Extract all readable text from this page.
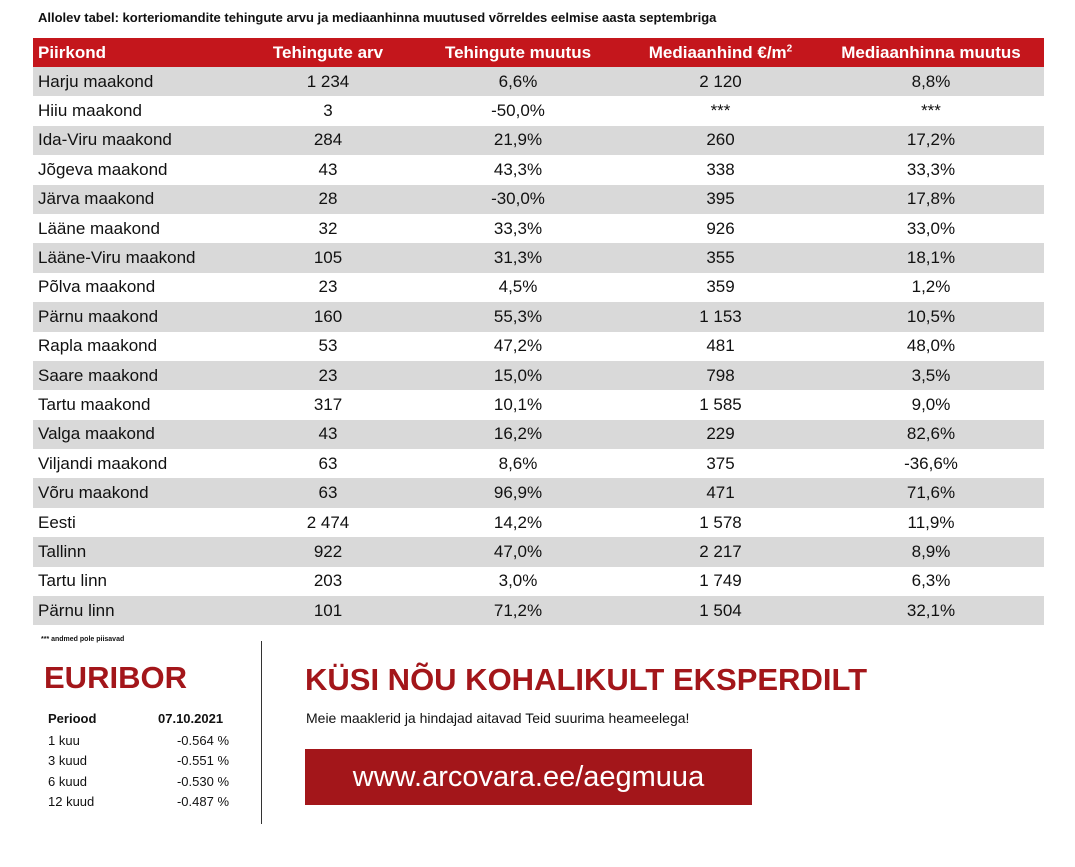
Allolev tabel: korteriomandite tehingute arvu ja mediaanhinna muutused võrreldes eelmise aasta septembriga
Piirkond	Tehingute arv	Tehingute muutus	Mediaanhind $€/m^2$	Mediaanhinna muutus
Harju maakond	1 234	6,6%	2 120	8,8%
Hiiu maakond	3	-50,0%	***	***
Ida-Viru maakond	284	21,9%	260	17,2%
Jõgeva maakond	43	43,3%	338	33,3%
Järva maakond	28	-30,0%	395	17,8%
Lääne maakond	32	33,3%	926	33,0%
Lääne-Viru maakond	105	31,3%	355	18,1%
Põlva maakond	23	4,5%	359	1,2%
Pärnu maakond	160	55,3%	1 153	10,5%
Rapla maakond	53	47,2%	481	48,0%
Saare maakond	23	15,0%	798	3,5%
Tartu maakond	317	10,1%	1 585	9,0%
Valga maakond	43	16,2%	229	82,6%
Viljandi maakond	63	8,6%	375	-36,6%
Võru maakond	63	96,9%	471	71,6%
Eesti	2 474	14,2%	1 578	11,9%
Tallinn	922	47,0%	2 217	8,9%
Tartu linn	203	3,0%	1 749	6,3%
Pärnu linn	101	71,2%	1 504	32,1%
*** andmed pole piisavad
EURIBOR
Periood	07.10.2021
1 kuu	-0.564 %
3 kuud	-0.551 %
6 kuud	-0.530 %
12 kuud	-0.487 %
KÜSI NÕU KOHALIKULT EKSPERDILT
Meie maaklerid ja hindajad aitavad Teid suurima heameelega!
www.arcovara.ee/aegmuua
